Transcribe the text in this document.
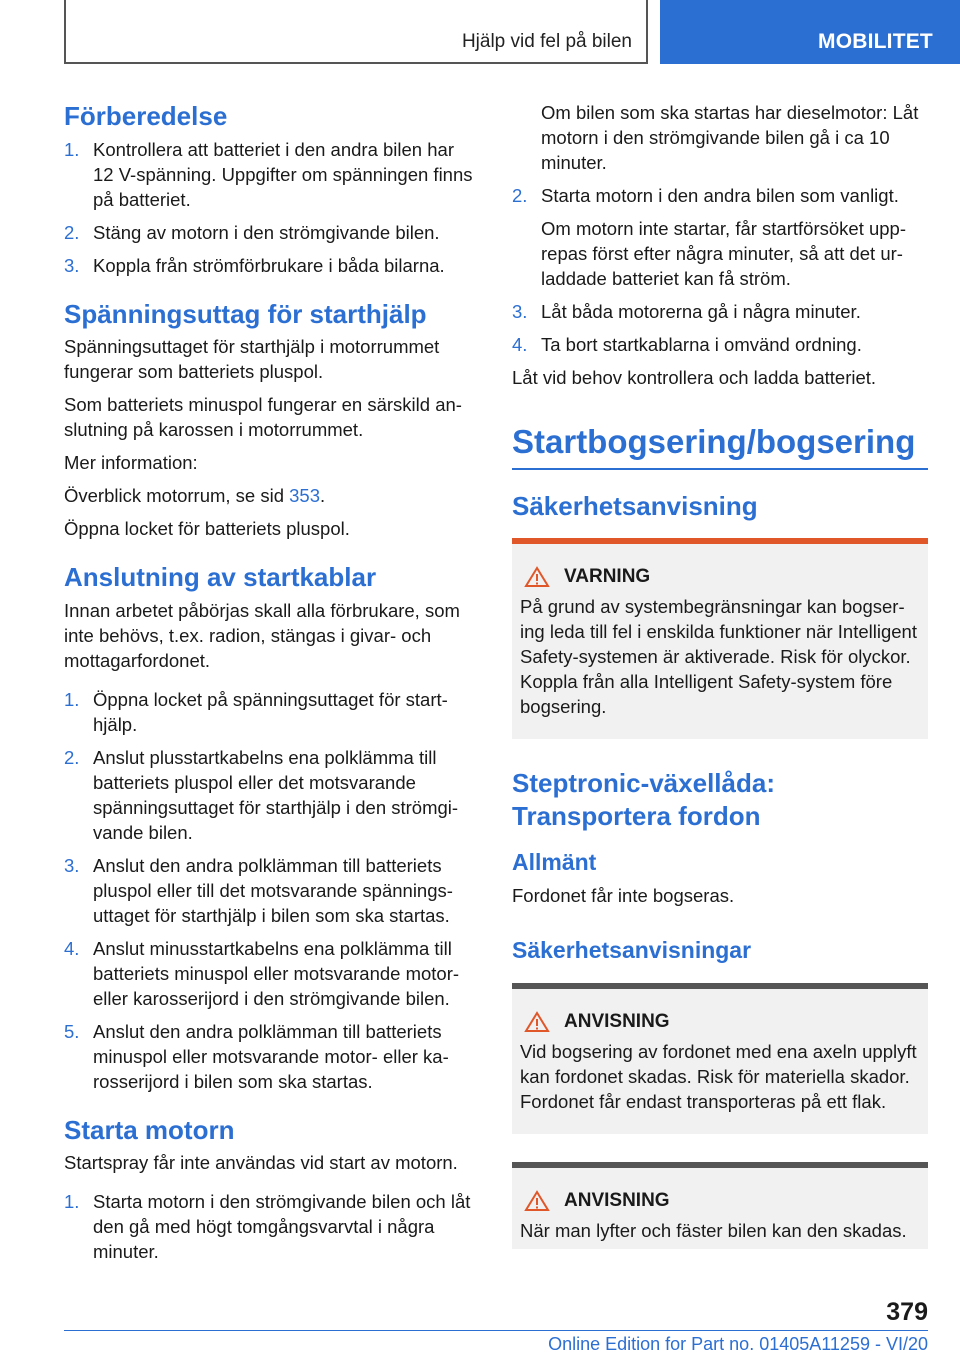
Hjälp vid fel på bilen	MOBILITET
Förberedelse
1. Kontrollera att batteriet i den andra bilen har 12 V-spänning. Uppgifter om spänningen finns på batteriet.
2. Stäng av motorn i den strömgivande bilen.
3. Koppla från strömförbrukare i båda bilarna.
Spänningsuttag för starthjälp

Spänningsuttaget för starthjälp i motorrummet fungerar som batteriets pluspol.

Som batteriets minuspol fungerar en särskild anslutning på karossen i motorrummet.

Mer information:

Överblick motorrum, se sid 353.

Öppna locket för batteriets pluspol.

Anslutning av startkablar

Innan arbetet påbörjas skall alla förbrukare, som inte behövs, t.ex. radion, stängas i givar- och mottagarfordonet.

1. Öppna locket på spänningsuttaget för starthjälp.
2. Anslut plusstartkabelns ena polklämma till batteriets pluspol eller det motsvarande spänningsuttaget för starthjälp i den strömgivande bilen.
3. Anslut den andra polklämman till batteriets pluspol eller till det motsvarande spänningsuttaget för starthjälp i bilen som ska startas.
4. Anslut minusstartkabelns ena polklämma till batteriets minuspol eller motsvarande motor- eller karosserijord i den strömgivande bilen.
5. Anslut den andra polklämman till batteriets minuspol eller motsvarande motor- eller karosserijord i bilen som ska startas.
Starta motorn

Startspray får inte användas vid start av motorn.

1. Starta motorn i den strömgivande bilen och låt den gå med högt tomgångsvarvtal i några minuter.

Om bilen som ska startas har dieselmotor: Låt motorn i den strömgivande bilen gå i ca 10 minuter.

2. Starta motorn i den andra bilen som vanligt.

Om motorn inte startar, får startförsöket upprepas först efter några minuter, så att det urladdade batteriet kan få ström.

3. Låt båda motorerna gå i några minuter.
4. Ta bort startkablarna i omvänd ordning.

Låt vid behov kontrollera och ladda batteriet.

Startbogsering/bogsering
Säkerhetsanvisning
VARNING

På grund av systembegränsningar kan bogsering leda till fel i enskilda funktioner när Intelligent Safety-systemen är aktiverade. Risk för olyckor. Koppla från alla Intelligent Safety-system före bogsering.

Steptronic-växellåda: Transportera fordon
Allmänt

Fordonet får inte bogseras.

Säkerhetsanvisningar
ANVISNING

Vid bogsering av fordonet med ena axeln upplyft kan fordonet skadas. Risk för materiella skador. Fordonet får endast transporteras på ett flak.

ANVISNING

När man lyfter och fäster bilen kan den skadas.

379
Online Edition for Part no. 01405A11259 - VI/20
